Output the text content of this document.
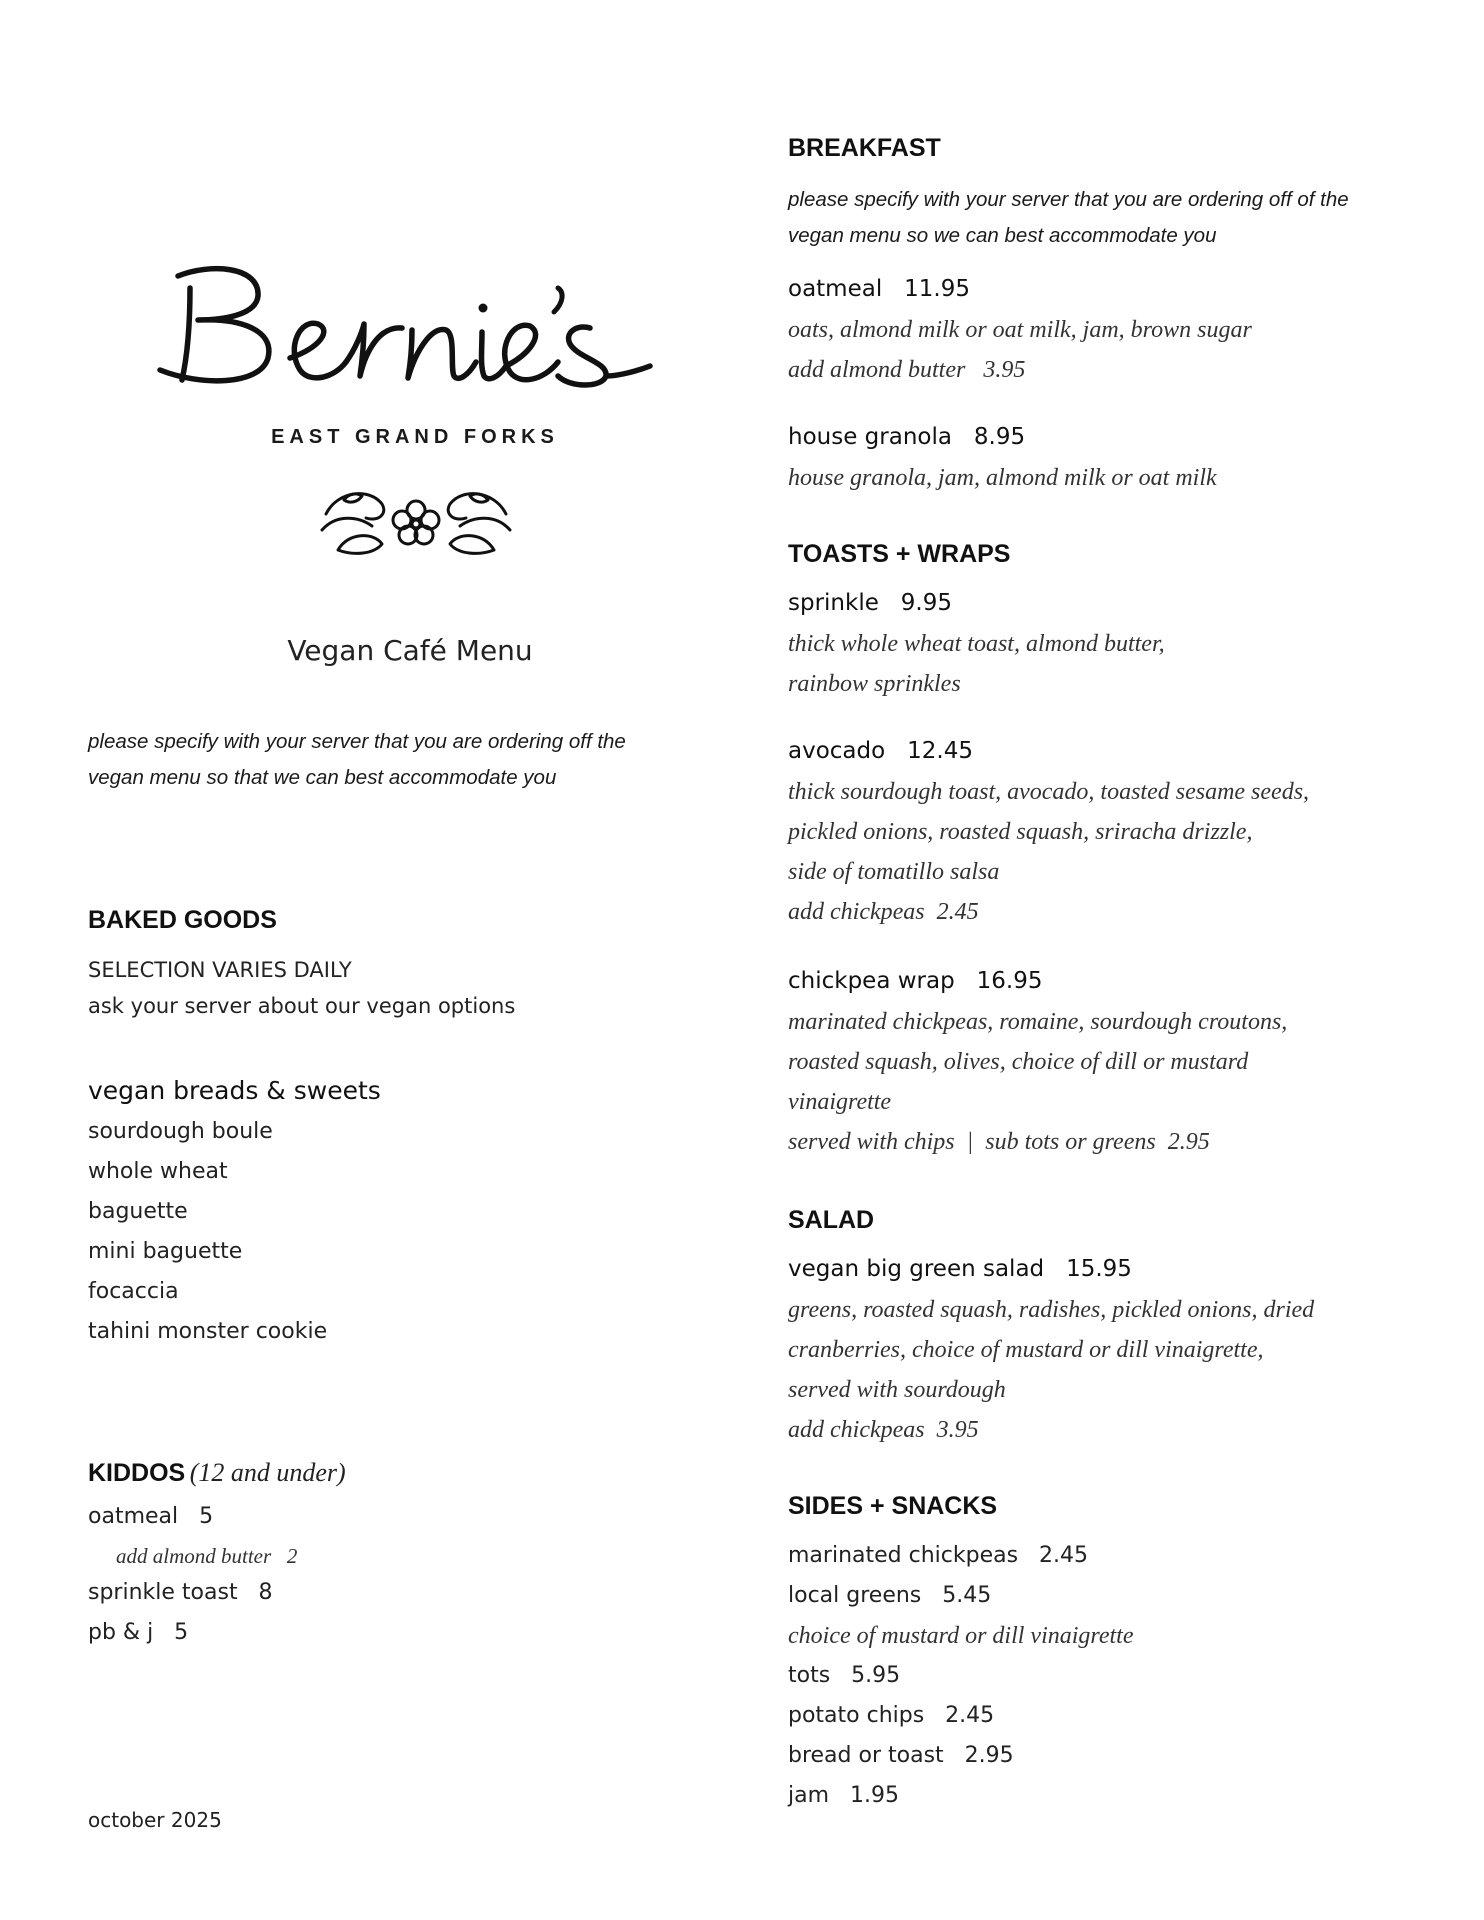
EAST GRAND FORKS
Vegan Café Menu
please specify with your server that you are ordering off the vegan menu so that we can best accommodate you
BAKED GOODS
SELECTION VARIES DAILY
ask your server about our vegan options
vegan breads & sweets
sourdough boule
whole wheat
baguette
mini baguette
focaccia
tahini monster cookie
KIDDOS (12 and under)
oatmeal   5
add almond butter   2
sprinkle toast   8
pb & j   5
october 2025
BREAKFAST
please specify with your server that you are ordering off of the
vegan menu so we can best accommodate you
oatmeal   11.95
oats, almond milk or oat milk, jam, brown sugar
add almond butter   3.95
house granola   8.95
house granola, jam, almond milk or oat milk
TOASTS + WRAPS
sprinkle   9.95
thick whole wheat toast, almond butter,
rainbow sprinkles
avocado   12.45
thick sourdough toast, avocado, toasted sesame seeds,
pickled onions, roasted squash, sriracha drizzle,
side of tomatillo salsa
add chickpeas  2.45
chickpea wrap   16.95
marinated chickpeas, romaine, sourdough croutons,
roasted squash, olives, choice of dill or mustard
vinaigrette
served with chips  |  sub tots or greens  2.95
SALAD
vegan big green salad   15.95
greens, roasted squash, radishes, pickled onions, dried
cranberries, choice of mustard or dill vinaigrette,
served with sourdough
add chickpeas  3.95
SIDES + SNACKS
marinated chickpeas   2.45
local greens   5.45
choice of mustard or dill vinaigrette
tots   5.95
potato chips   2.45
bread or toast   2.95
jam   1.95
